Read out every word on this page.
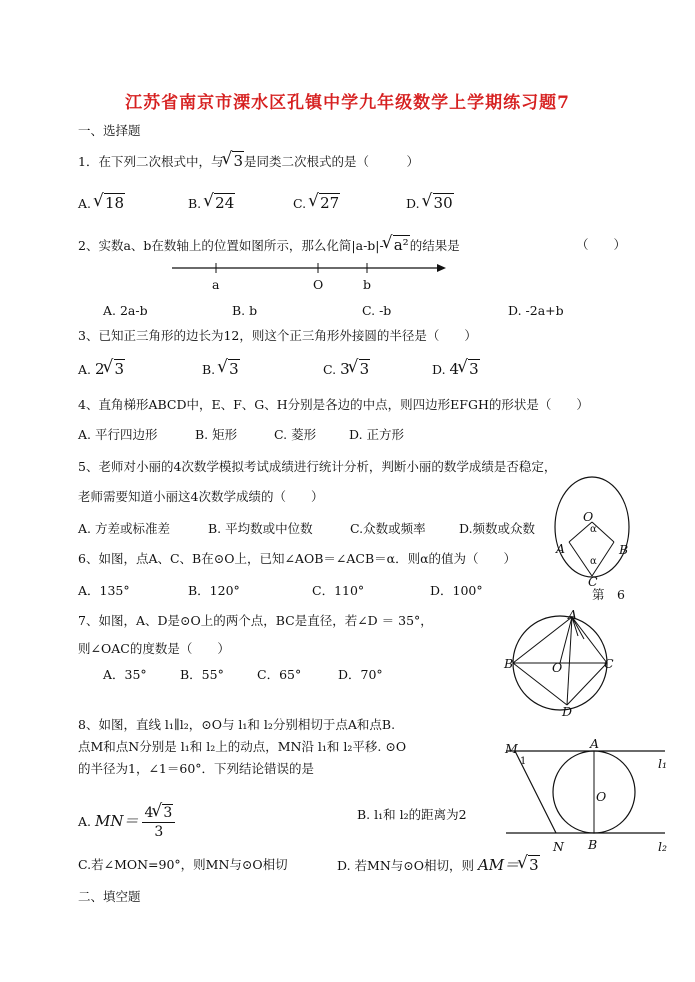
江苏省南京市溧水区孔镇中学九年级数学上学期练习题7
一、选择题
1．在下列二次根式中，与 √ 3是同类二次根式的是（　　　）
A. √ 18	B. √ 24	C. √ 27	D. √ 30
2、实数a、b在数轴上的位置如图所示，那么化简|a-b|- √ a²的结果是	（　　）
a	O	b
A. 2a-b	B. b	C. -b	D. -2a+b
3、已知正三角形的边长为12，则这个正三角形外接圆的半径是（　　）
A. 2 √ 3	B. √ 3	C. 3 √ 3	D. 4 √ 3
4、直角梯形ABCD中，E、F、G、H分别是各边的中点，则四边形EFGH的形状是（　　）
A. 平行四边形	B. 矩形	C. 菱形	D. 正方形
5、老师对小丽的4次数学模拟考试成绩进行统计分析，判断小丽的数学成绩是否稳定，
老师需要知道小丽这4次数学成绩的（　　）
A. 方差或标准差	B. 平均数或中位数	C.众数或频率	D.频数或众数
O
A	B
C
α
α
第　6
6、如图，点A、C、B在⊙O上，已知∠AOB＝∠ACB＝α．则α的值为（　　）
A．135°	B．120°	C．110°	D．100°
7、如图，A、D是⊙O上的两个点，BC是直径，若∠D ＝ 35°，
则∠OAC的度数是（　　）
A．35°	B．55°	C．65°	D．70°
A
B	O	C
D
8、如图，直线 l₁∥l₂，⊙O与 l₁和 l₂分别相切于点A和点B.
点M和点N分别是 l₁和 l₂上的动点，MN沿 l₁和 l₂平移. ⊙O
的半径为1，∠1＝60°．下列结论错误的是
A. $MN= \frac{4 √ 3}{3}$	B. l₁和 l₂的距离为2
C.若∠MON=90°，则MN与⊙O相切	D. 若MN与⊙O相切，则 AM＝ √ 3
M	A
1	l₁
O
N B	l₂
二、填空题
